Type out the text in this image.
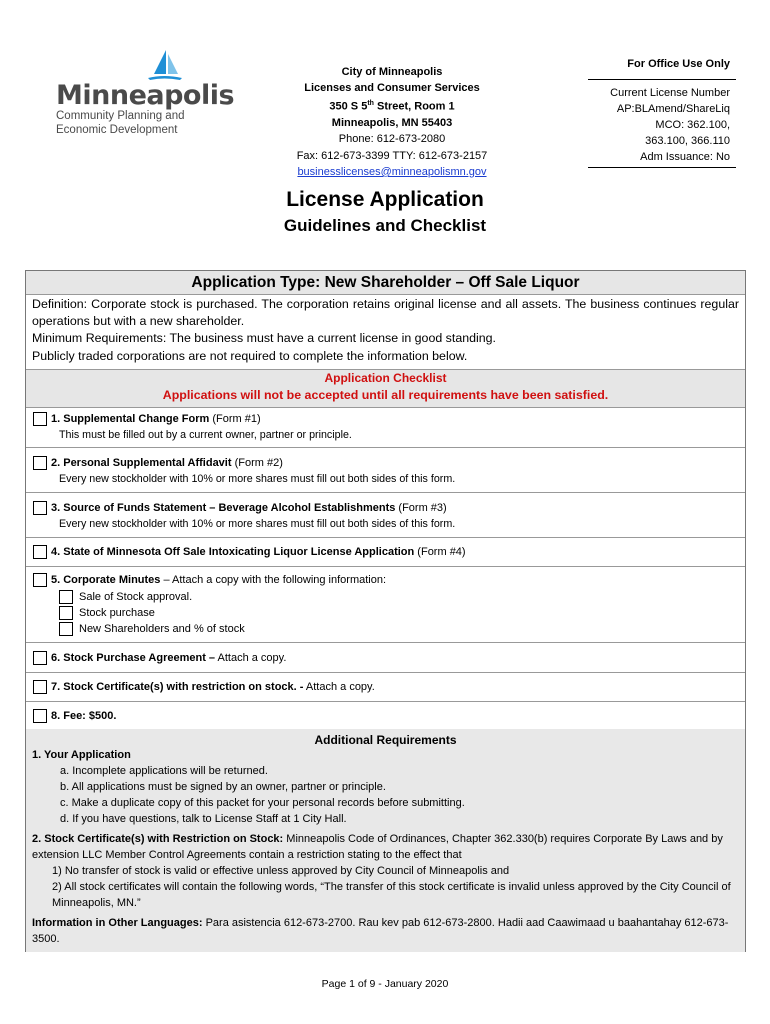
Minneapolis
Community Planning and
Economic Development
City of Minneapolis
Licenses and Consumer Services
350 S 5th Street, Room 1
Minneapolis, MN 55403
Phone: 612-673-2080
Fax: 612-673-3399 TTY: 612-673-2157
businesslicenses@minneapolismn.gov
For Office Use Only
Current License Number
AP:BLAmend/ShareLiq
MCO: 362.100,
363.100, 366.110
Adm Issuance: No
License Application
Guidelines and Checklist
Application Type: New Shareholder – Off Sale Liquor
Definition: Corporate stock is purchased. The corporation retains original license and all assets. The business continues regular operations but with a new shareholder.
Minimum Requirements: The business must have a current license in good standing.
Publicly traded corporations are not required to complete the information below.
Application Checklist
Applications will not be accepted until all requirements have been satisfied.
1. Supplemental Change Form (Form #1)
This must be filled out by a current owner, partner or principle.
2. Personal Supplemental Affidavit (Form #2)
Every new stockholder with 10% or more shares must fill out both sides of this form.
3. Source of Funds Statement – Beverage Alcohol Establishments (Form #3)
Every new stockholder with 10% or more shares must fill out both sides of this form.
4. State of Minnesota Off Sale Intoxicating Liquor License Application (Form #4)
5. Corporate Minutes – Attach a copy with the following information:
Sale of Stock approval.
Stock purchase
New Shareholders and % of stock
6. Stock Purchase Agreement – Attach a copy.
7. Stock Certificate(s) with restriction on stock. - Attach a copy.
8. Fee: $500.
Additional Requirements
1. Your Application
a. Incomplete applications will be returned.
b. All applications must be signed by an owner, partner or principle.
c. Make a duplicate copy of this packet for your personal records before submitting.
d. If you have questions, talk to License Staff at 1 City Hall.
2. Stock Certificate(s) with Restriction on Stock: Minneapolis Code of Ordinances, Chapter 362.330(b) requires Corporate By Laws and by extension LLC Member Control Agreements contain a restriction stating to the effect that
1) No transfer of stock is valid or effective unless approved by City Council of Minneapolis and
2) All stock certificates will contain the following words, “The transfer of this stock certificate is invalid unless approved by the City Council of Minneapolis, MN.”
Information in Other Languages: Para asistencia 612-673-2700. Rau kev pab 612-673-2800. Hadii aad Caawimaad u baahantahay 612-673-3500.
Page 1 of 9 - January 2020
